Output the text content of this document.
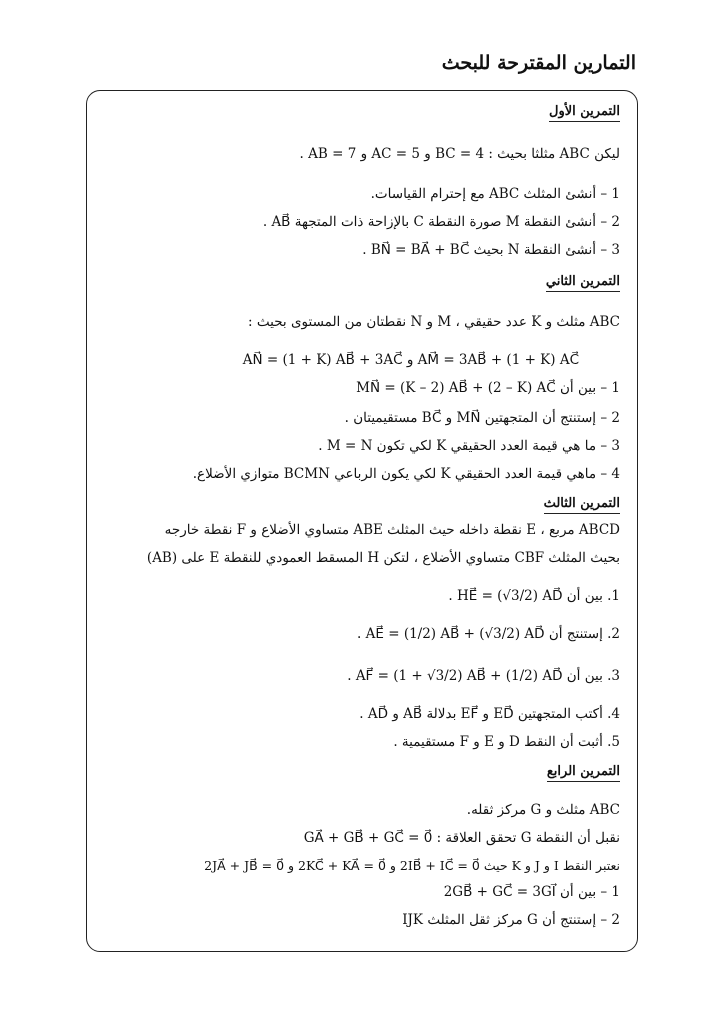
التمارين المقترحة للبحث
التمرين الأول
ليكن ABC مثلثا بحيث : BC = 4 و AC = 5 و AB = 7 .
1 – أنشئ المثلث ABC مع إحترام القياسات.
2 – أنشئ النقطة M صورة النقطة C بالإزاحة ذات المتجهة AB⃗ .
3 – أنشئ النقطة N بحيث BN⃗ = BA⃗ + BC⃗ .
التمرين الثاني
ABC مثلث و K عدد حقيقي ، M و N نقطتان من المستوى بحيث :
AM⃗ = 3AB⃗ + (1 + K) AC⃗ و AN⃗ = (1 + K) AB⃗ + 3AC⃗
1 – بين أن MN⃗ = (K – 2) AB⃗ + (2 – K) AC⃗
2 – إستنتج أن المتجهتين MN⃗ و BC⃗ مستقيميتان .
3 – ما هي قيمة العدد الحقيقي K لكي تكون M = N .
4 – ماهي قيمة العدد الحقيقي K لكي يكون الرباعي BCMN متوازي الأضلاع.
التمرين الثالث
ABCD مربع ، E نقطة داخله حيث المثلث ABE متساوي الأضلاع و F نقطة خارجه
بحيث المثلث CBF متساوي الأضلاع ، لتكن H المسقط العمودي للنقطة E على (AB)
1. بين أن HE⃗ = (√3/2) AD⃗ .
2. إستنتج أن AE⃗ = (1/2) AB⃗ + (√3/2) AD⃗ .
3. بين أن AF⃗ = (1 + √3/2) AB⃗ + (1/2) AD⃗ .
4. أكتب المتجهتين ED⃗ و EF⃗ بدلالة AB⃗ و AD⃗ .
5. أثبت أن النقط D و E و F مستقيمية .
التمرين الرابع
ABC مثلث و G مركز ثقله.
نقبل أن النقطة G تحقق العلاقة : GA⃗ + GB⃗ + GC⃗ = 0⃗
نعتبر النقط I و J و K حيث 2IB⃗ + IC⃗ = 0⃗ و 2KC⃗ + KA⃗ = 0⃗ و 2JA⃗ + JB⃗ = 0⃗
1 – بين أن 2GB⃗ + GC⃗ = 3GI⃗
2 – إستنتج أن G مركز ثقل المثلث IJK
